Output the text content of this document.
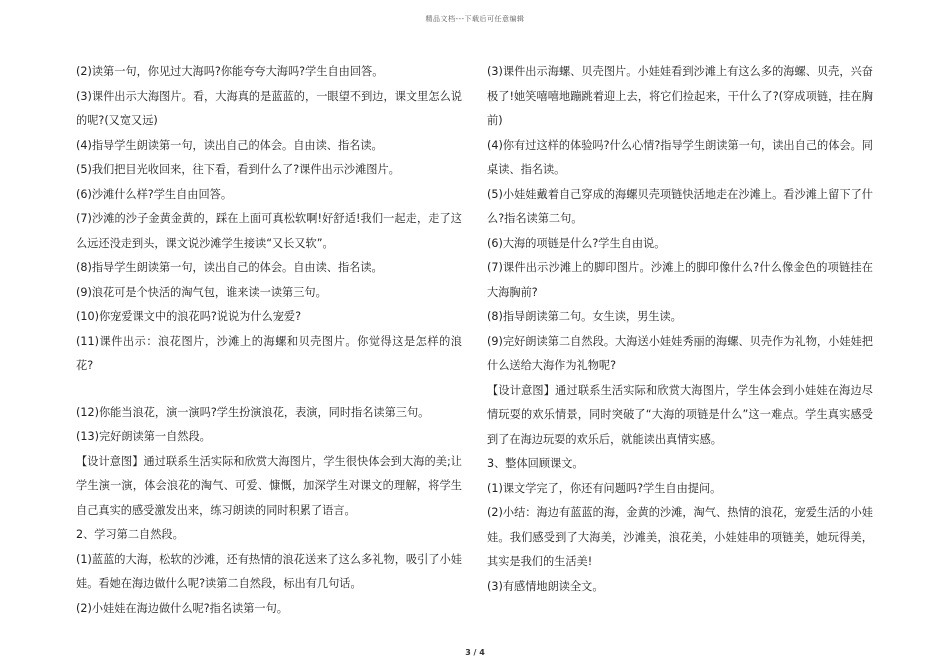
精品文档---下载后可任意编辑

(2)读第一句，你见过大海吗?你能夸夸大海吗?学生自由回答。

(3)课件出示大海图片。看，大海真的是蓝蓝的，一眼望不到边，课文里怎么说的呢?(又宽又远)

(4)指导学生朗读第一句，读出自己的体会。自由读、指名读。

(5)我们把目光收回来，往下看，看到什么了?课件出示沙滩图片。

(6)沙滩什么样?学生自由回答。

(7)沙滩的沙子金黄金黄的，踩在上面可真松软啊!好舒适!我们一起走，走了这么远还没走到头，课文说沙滩学生接读“又长又软”。

(8)指导学生朗读第一句，读出自己的体会。自由读、指名读。

(9)浪花可是个快活的淘气包，谁来读一读第三句。

(10)你宠爱课文中的浪花吗?说说为什么宠爱?

(11)课件出示：浪花图片，沙滩上的海螺和贝壳图片。你觉得这是怎样的浪花?

(12)你能当浪花，演一演吗?学生扮演浪花，表演，同时指名读第三句。

(13)完好朗读第一自然段。

【设计意图】通过联系生活实际和欣赏大海图片，学生很快体会到大海的美;让学生演一演，体会浪花的淘气、可爱、慷慨，加深学生对课文的理解，将学生自己真实的感受激发出来，练习朗读的同时积累了语言。

2、学习第二自然段。

(1)蓝蓝的大海，松软的沙滩，还有热情的浪花送来了这么多礼物，吸引了小娃娃。看她在海边做什么呢?读第二自然段，标出有几句话。

(2)小娃娃在海边做什么呢?指名读第一句。

(3)课件出示海螺、贝壳图片。小娃娃看到沙滩上有这么多的海螺、贝壳，兴奋极了!她笑嘻嘻地蹦跳着迎上去，将它们捡起来，干什么了?(穿成项链，挂在胸前)

(4)你有过这样的体验吗?什么心情?指导学生朗读第一句，读出自己的体会。同桌读、指名读。

(5)小娃娃戴着自己穿成的海螺贝壳项链快活地走在沙滩上。看沙滩上留下了什么?指名读第二句。

(6)大海的项链是什么?学生自由说。

(7)课件出示沙滩上的脚印图片。沙滩上的脚印像什么?什么像金色的项链挂在大海胸前?

(8)指导朗读第二句。女生读，男生读。

(9)完好朗读第二自然段。大海送小娃娃秀丽的海螺、贝壳作为礼物，小娃娃把什么送给大海作为礼物呢?

【设计意图】通过联系生活实际和欣赏大海图片，学生体会到小娃娃在海边尽情玩耍的欢乐情景，同时突破了“大海的项链是什么”这一难点。学生真实感受到了在海边玩耍的欢乐后，就能读出真情实感。

3、整体回顾课文。

(1)课文学完了，你还有问题吗?学生自由提问。

(2)小结：海边有蓝蓝的海，金黄的沙滩，淘气、热情的浪花，宠爱生活的小娃娃。我们感受到了大海美，沙滩美，浪花美，小娃娃串的项链美，她玩得美，其实是我们的生活美!

(3)有感情地朗读全文。

3 / 4
